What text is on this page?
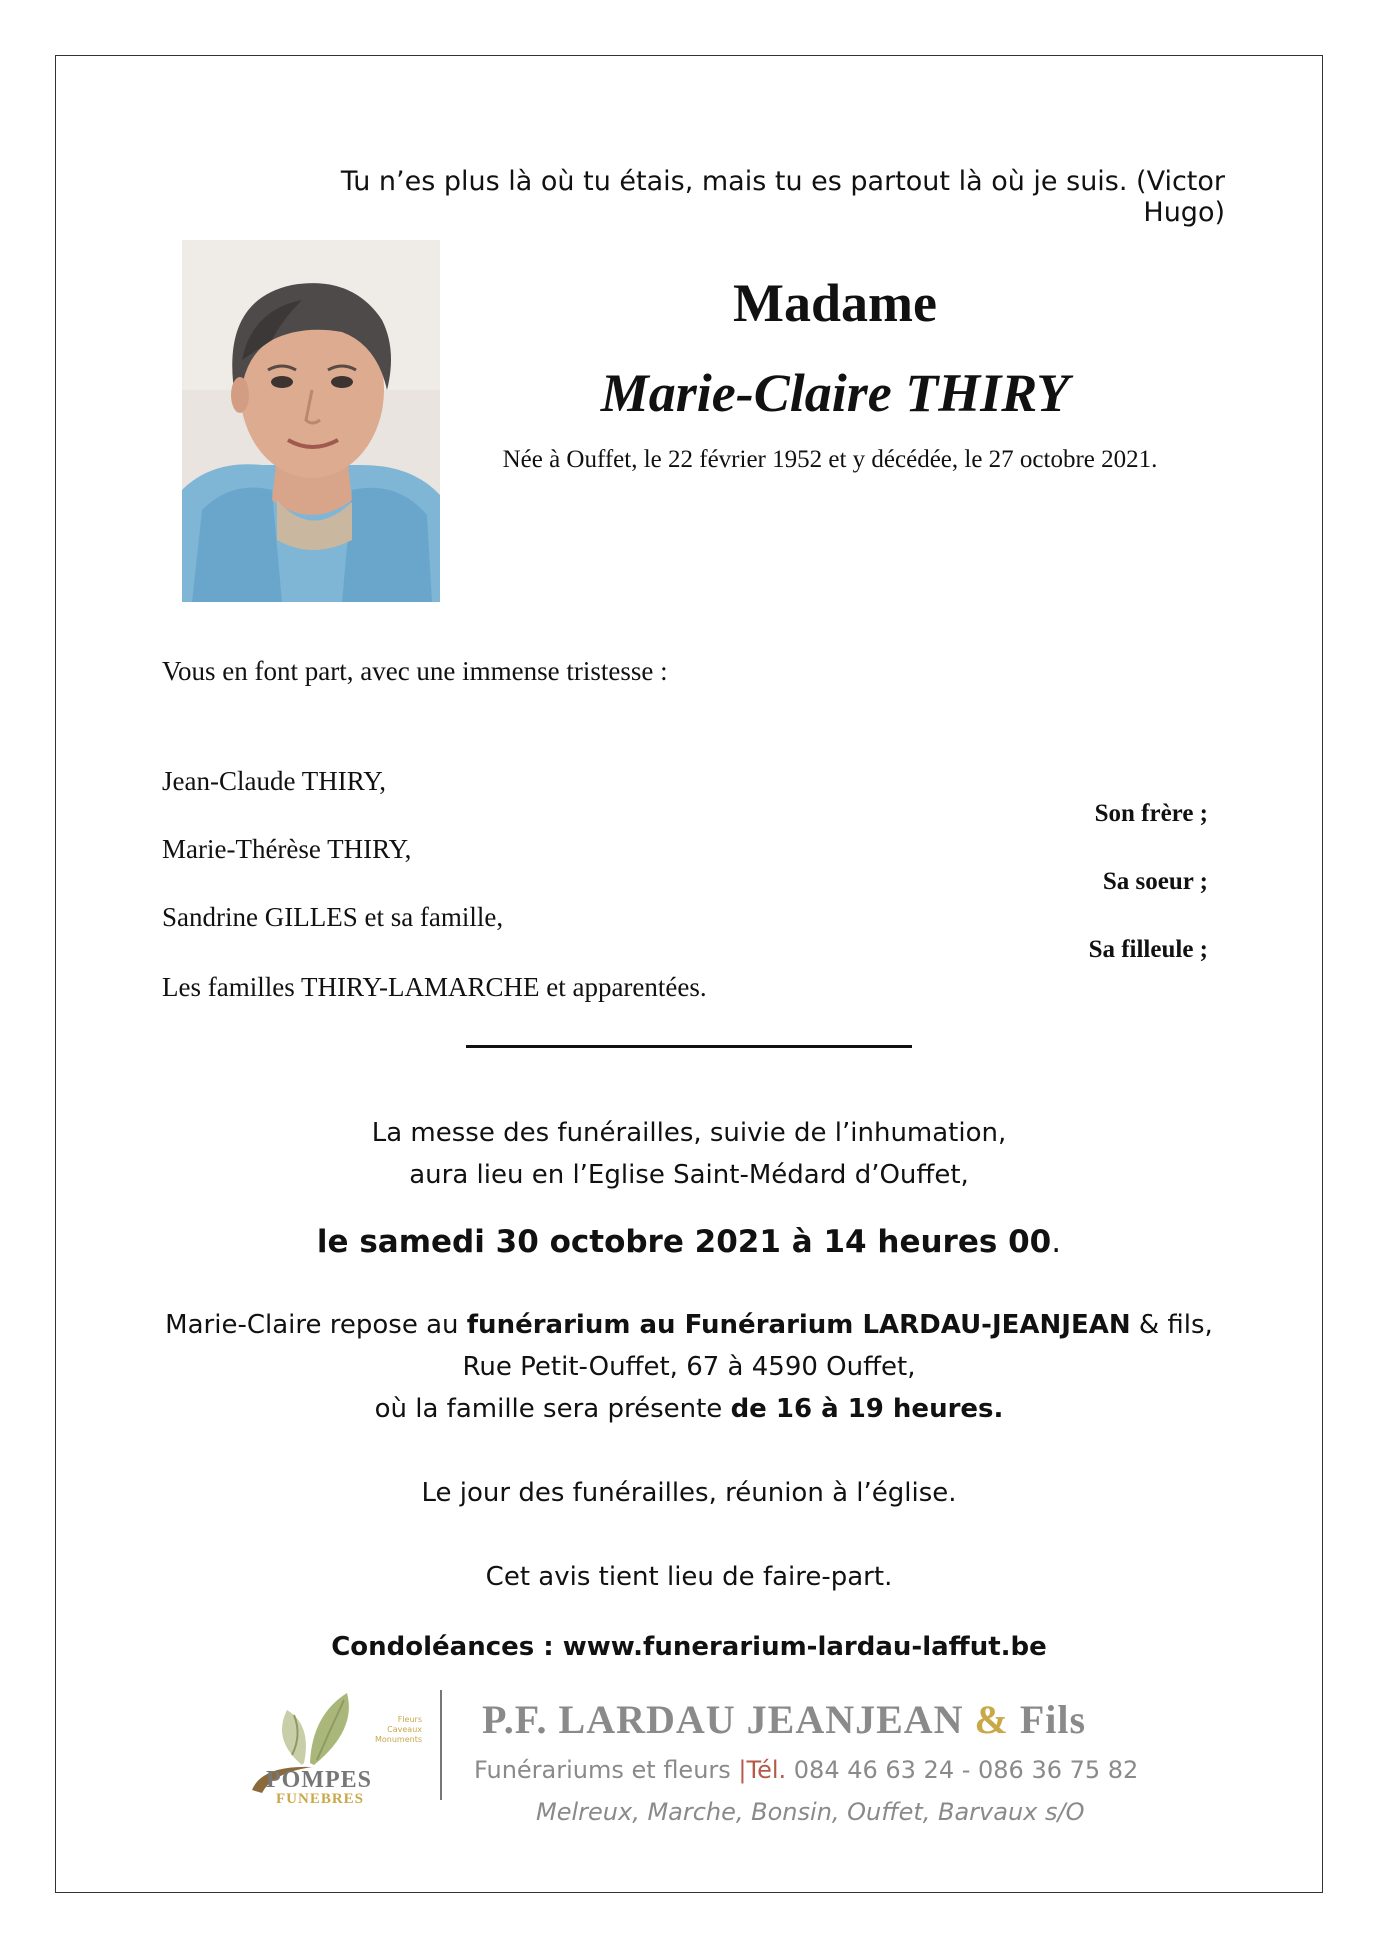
Tu n’es plus là où tu étais, mais tu es partout là où je suis. (Victor Hugo)
Madame
Marie-Claire THIRY
Née à Ouffet, le 22 février 1952 et y décédée, le 27 octobre 2021.
Vous en font part, avec une immense tristesse :
Jean-Claude THIRY,
Son frère ;
Marie-Thérèse THIRY,
Sa soeur ;
Sandrine GILLES et sa famille,
Sa filleule ;
Les familles THIRY-LAMARCHE et apparentées.
La messe des funérailles, suivie de l’inhumation,
aura lieu en l’Eglise Saint-Médard d’Ouffet,
le samedi 30 octobre 2021 à 14 heures 00.
Marie-Claire repose au funérarium au Funérarium LARDAU-JEANJEAN & fils,
Rue Petit-Ouffet, 67 à 4590 Ouffet,
où la famille sera présente de 16 à 19 heures.
Le jour des funérailles, réunion à l’église.
Cet avis tient lieu de faire-part.
Condoléances : www.funerarium-lardau-laffut.be
Fleurs
Caveaux
Monuments
POMPES
FUNEBRES
P.F. LARDAU JEANJEAN & Fils
Funérariums et fleurs |Tél. 084 46 63 24 - 086 36 75 82
Melreux, Marche, Bonsin, Ouffet, Barvaux s/O
